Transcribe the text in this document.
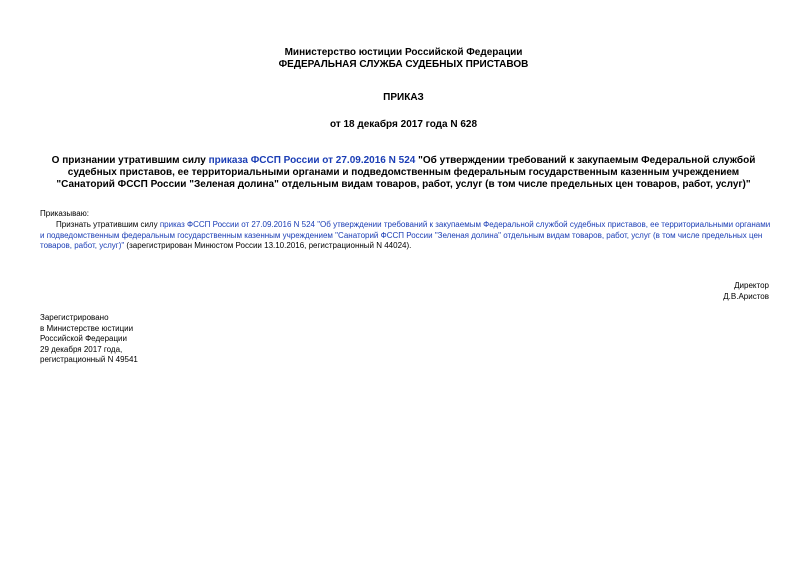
Министерство юстиции Российской Федерации
ФЕДЕРАЛЬНАЯ СЛУЖБА СУДЕБНЫХ ПРИСТАВОВ
ПРИКАЗ
от 18 декабря 2017 года N 628
О признании утратившим силу приказа ФССП России от 27.09.2016 N 524 "Об утверждении требований к закупаемым Федеральной службой судебных приставов, ее территориальными органами и подведомственным федеральным государственным казенным учреждением "Санаторий ФССП России "Зеленая долина" отдельным видам товаров, работ, услуг (в том числе предельных цен товаров, работ, услуг)"
Приказываю:
Признать утратившим силу приказ ФССП России от 27.09.2016 N 524 "Об утверждении требований к закупаемым Федеральной службой судебных приставов, ее территориальными органами и подведомственным федеральным государственным казенным учреждением "Санаторий ФССП России "Зеленая долина" отдельным видам товаров, работ, услуг (в том числе предельных цен товаров, работ, услуг)" (зарегистрирован Минюстом России 13.10.2016, регистрационный N 44024).
Директор
Д.В.Аристов
Зарегистрировано
в Министерстве юстиции
Российской Федерации
29 декабря 2017 года,
регистрационный N 49541
